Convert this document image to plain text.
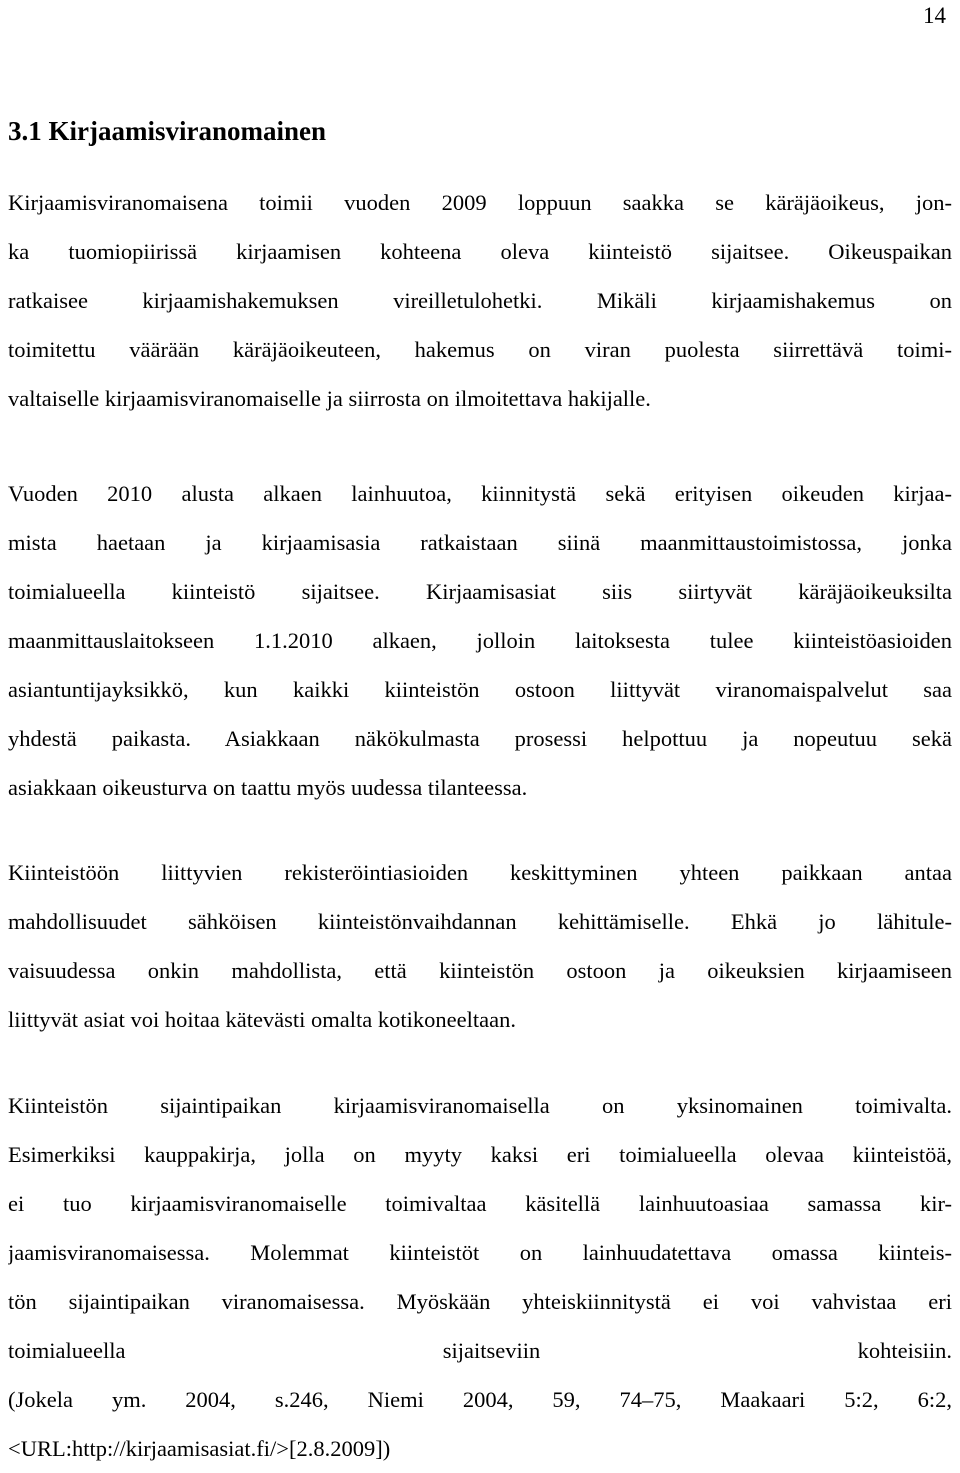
14
3.1 Kirjaamisviranomainen
Kirjaamisviranomaisena toimii vuoden 2009 loppuun saakka se käräjäoikeus, jon-
ka tuomiopiirissä kirjaamisen kohteena oleva kiinteistö sijaitsee. Oikeuspaikan
ratkaisee kirjaamishakemuksen vireilletulohetki. Mikäli kirjaamishakemus on
toimitettu väärään käräjäoikeuteen, hakemus on viran puolesta siirrettävä toimi-
valtaiselle kirjaamisviranomaiselle ja siirrosta on ilmoitettava hakijalle.
Vuoden 2010 alusta alkaen lainhuutoa, kiinnitystä sekä erityisen oikeuden kirjaa-
mista haetaan ja kirjaamisasia ratkaistaan siinä maanmittaustoimistossa, jonka
toimialueella kiinteistö sijaitsee. Kirjaamisasiat siis siirtyvät käräjäoikeuksilta
maanmittauslaitokseen 1.1.2010 alkaen, jolloin laitoksesta tulee kiinteistöasioiden
asiantuntijayksikkö, kun kaikki kiinteistön ostoon liittyvät viranomaispalvelut saa
yhdestä paikasta. Asiakkaan näkökulmasta prosessi helpottuu ja nopeutuu sekä
asiakkaan oikeusturva on taattu myös uudessa tilanteessa.
Kiinteistöön liittyvien rekisteröintiasioiden keskittyminen yhteen paikkaan antaa
mahdollisuudet sähköisen kiinteistönvaihdannan kehittämiselle. Ehkä jo lähitule-
vaisuudessa onkin mahdollista, että kiinteistön ostoon ja oikeuksien kirjaamiseen
liittyvät asiat voi hoitaa kätevästi omalta kotikoneeltaan.
Kiinteistön sijaintipaikan kirjaamisviranomaisella on yksinomainen toimivalta.
Esimerkiksi kauppakirja, jolla on myyty kaksi eri toimialueella olevaa kiinteistöä,
ei tuo kirjaamisviranomaiselle toimivaltaa käsitellä lainhuutoasiaa samassa kir-
jaamisviranomaisessa. Molemmat kiinteistöt on lainhuudatettava omassa kiinteis-
tön sijaintipaikan viranomaisessa. Myöskään yhteiskiinnitystä ei voi vahvistaa eri
toimialueella sijaitseviin kohteisiin.
(Jokela ym. 2004, s.246, Niemi 2004, 59, 74–75, Maakaari 5:2, 6:2,
<URL:http://kirjaamisasiat.fi/>[2.8.2009])
